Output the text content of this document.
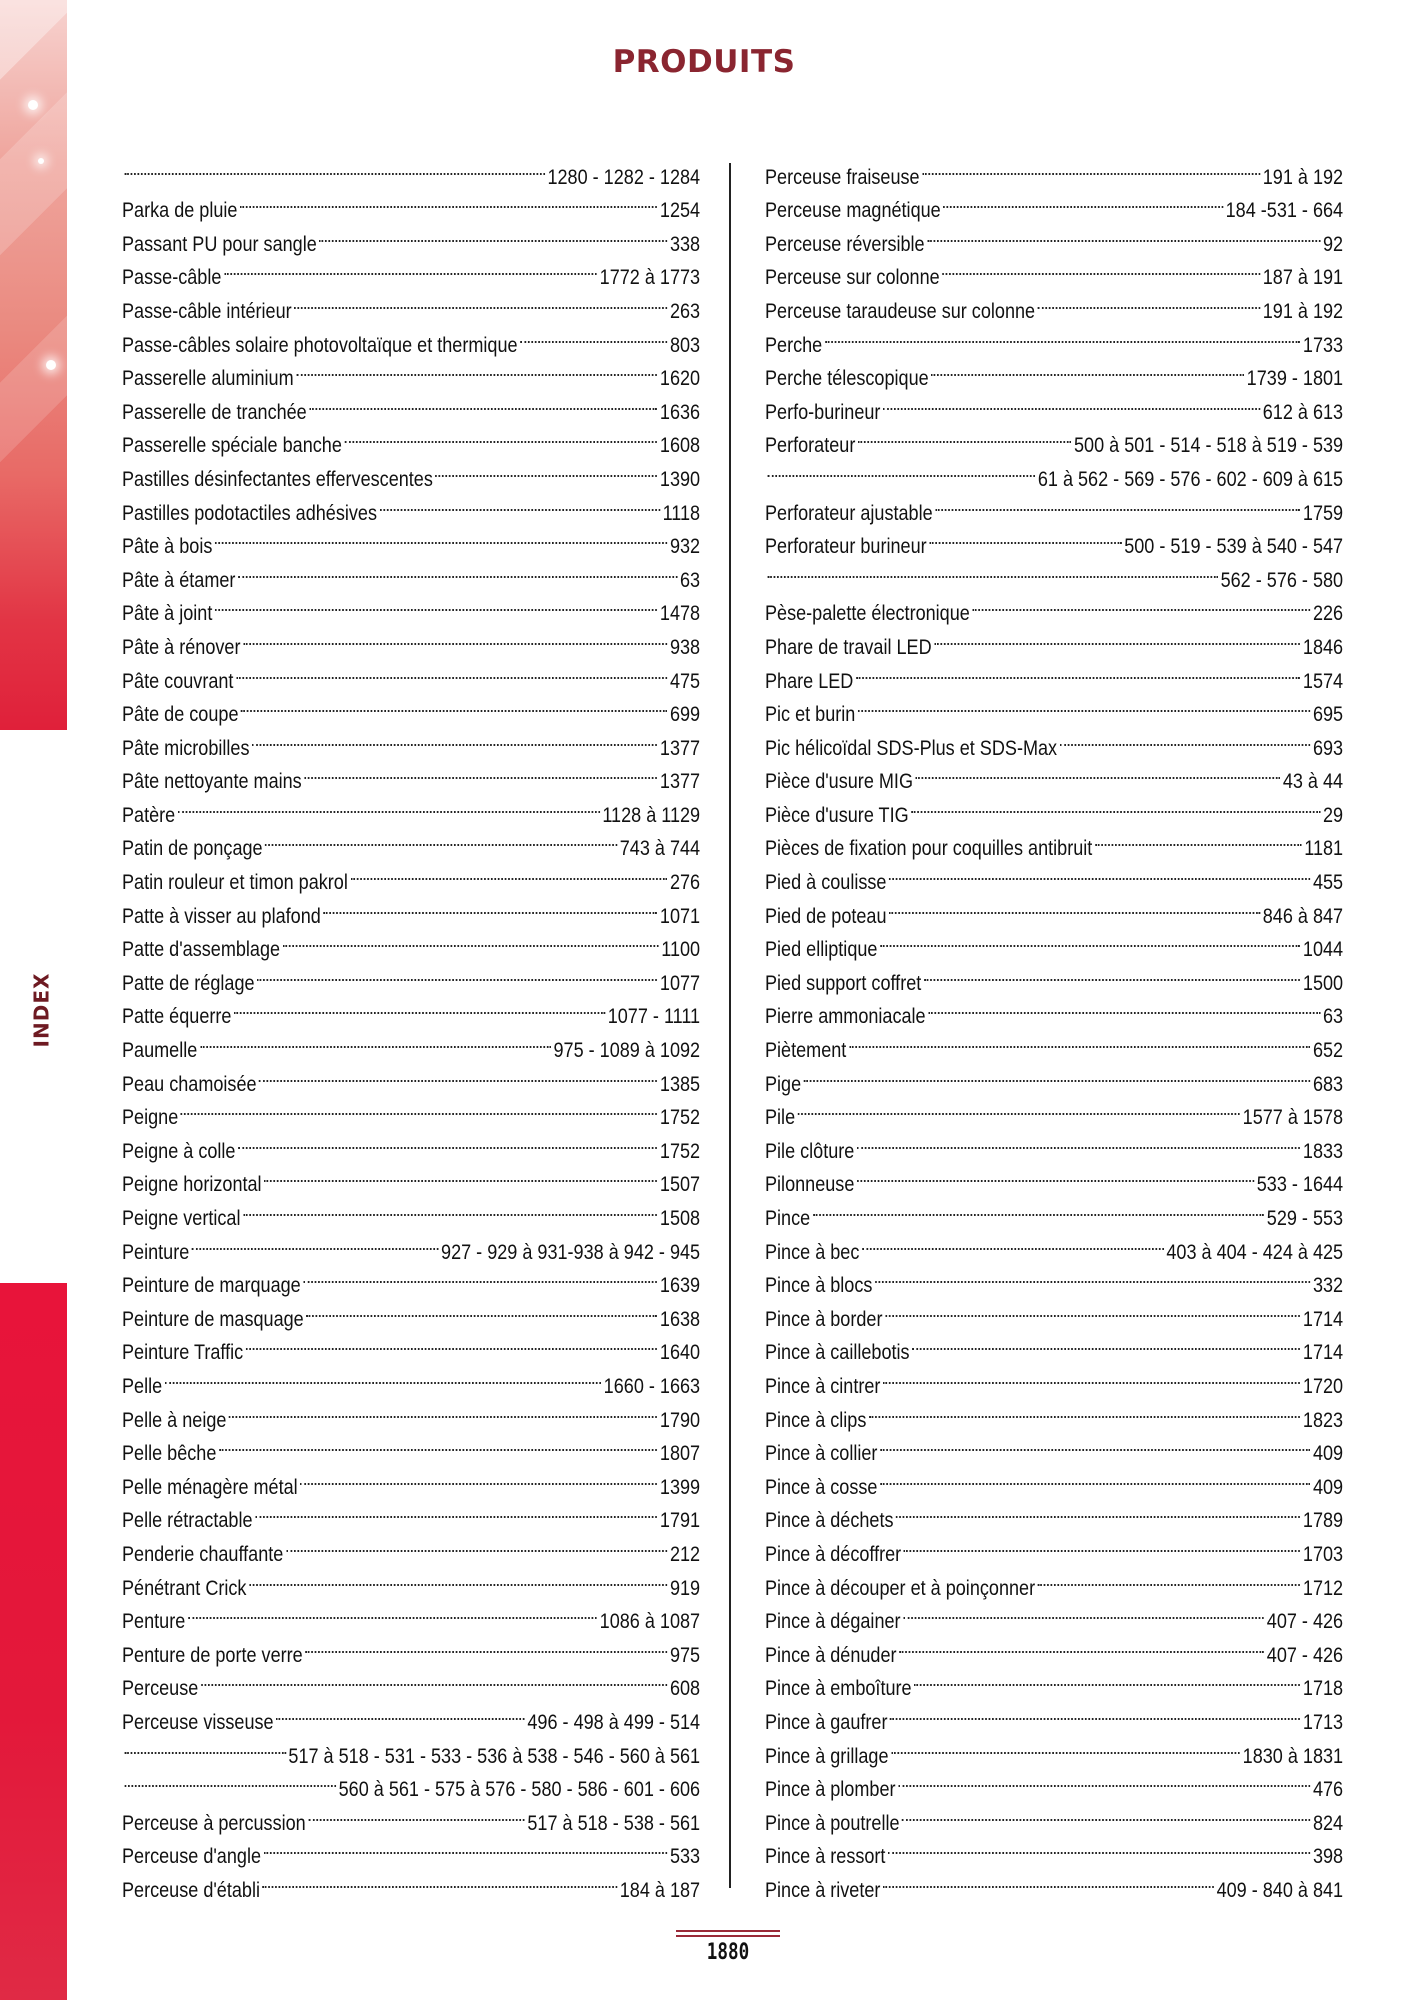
INDEX
PRODUITS
1280 - 1282 - 1284
Parka de pluie	1254
Passant PU pour sangle	338
Passe-câble	1772 à 1773
Passe-câble intérieur	263
Passe-câbles solaire photovoltaïque et thermique	803
Passerelle aluminium	1620
Passerelle de tranchée	1636
Passerelle spéciale banche	1608
Pastilles désinfectantes effervescentes	1390
Pastilles podotactiles adhésives	1118
Pâte à bois	932
Pâte à étamer	63
Pâte à joint	1478
Pâte à rénover	938
Pâte couvrant	475
Pâte de coupe	699
Pâte microbilles	1377
Pâte nettoyante mains	1377
Patère	1128 à 1129
Patin de ponçage	743 à 744
Patin rouleur et timon pakrol	276
Patte à visser au plafond	1071
Patte d'assemblage	1100
Patte de réglage	1077
Patte équerre	1077 - 1111
Paumelle	975 - 1089 à 1092
Peau chamoisée	1385
Peigne	1752
Peigne à colle	1752
Peigne horizontal	1507
Peigne vertical	1508
Peinture	927 - 929 à 931-938 à 942 - 945
Peinture de marquage	1639
Peinture de masquage	1638
Peinture Traffic	1640
Pelle	1660 - 1663
Pelle à neige	1790
Pelle bêche	1807
Pelle ménagère métal	1399
Pelle rétractable	1791
Penderie chauffante	212
Pénétrant Crick	919
Penture	1086 à 1087
Penture de porte verre	975
Perceuse	608
Perceuse visseuse	496 - 498 à 499 - 514
517 à 518 - 531 - 533 - 536 à 538 - 546 - 560 à 561
560 à 561 - 575 à 576 - 580 - 586 - 601 - 606
Perceuse à percussion	517 à 518 - 538 - 561
Perceuse d'angle	533
Perceuse d'établi	184 à 187
Perceuse fraiseuse	191 à 192
Perceuse magnétique	184 -531 - 664
Perceuse réversible	92
Perceuse sur colonne	187 à 191
Perceuse taraudeuse sur colonne	191 à 192
Perche	1733
Perche télescopique	1739 - 1801
Perfo-burineur	612 à 613
Perforateur	500 à 501 - 514 - 518 à 519 - 539
61 à 562 - 569 - 576 - 602 - 609 à 615
Perforateur ajustable	1759
Perforateur burineur	500 - 519 - 539 à 540 - 547
562 - 576 - 580
Pèse-palette électronique	226
Phare de travail LED	1846
Phare LED	1574
Pic et burin	695
Pic hélicoïdal SDS-Plus et SDS-Max	693
Pièce d'usure MIG	43 à 44
Pièce d'usure TIG	29
Pièces de fixation pour coquilles antibruit	1181
Pied à coulisse	455
Pied de poteau	846 à 847
Pied elliptique	1044
Pied support coffret	1500
Pierre ammoniacale	63
Piètement	652
Pige	683
Pile	1577 à 1578
Pile clôture	1833
Pilonneuse	533 - 1644
Pince	529 - 553
Pince à bec	403 à 404 - 424 à 425
Pince à blocs	332
Pince à border	1714
Pince à caillebotis	1714
Pince à cintrer	1720
Pince à clips	1823
Pince à collier	409
Pince à cosse	409
Pince à déchets	1789
Pince à décoffrer	1703
Pince à découper et à poinçonner	1712
Pince à dégainer	407 - 426
Pince à dénuder	407 - 426
Pince à emboîture	1718
Pince à gaufrer	1713
Pince à grillage	1830 à 1831
Pince à plomber	476
Pince à poutrelle	824
Pince à ressort	398
Pince à riveter	409 - 840 à 841
1880
